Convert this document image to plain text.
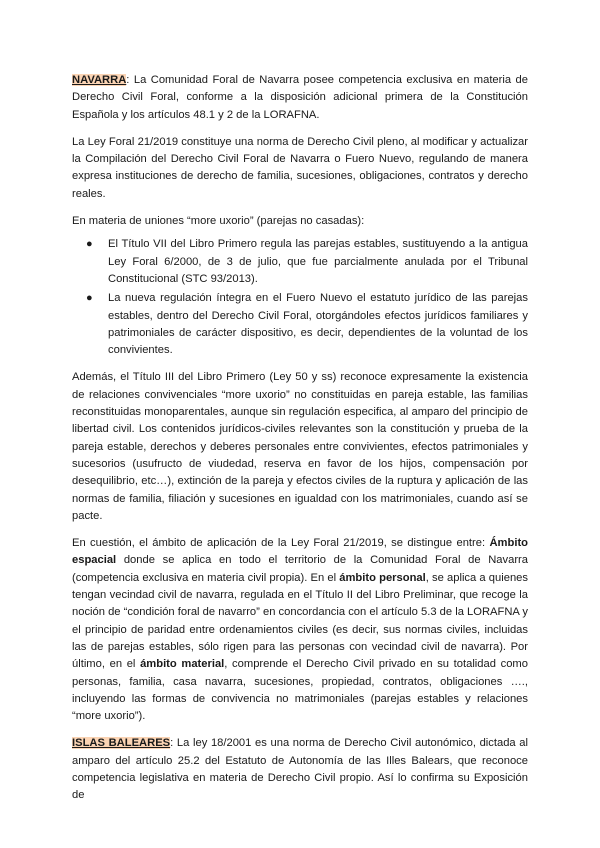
NAVARRA: La Comunidad Foral de Navarra posee competencia exclusiva en materia de Derecho Civil Foral, conforme a la disposición adicional primera de la Constitución Española y los artículos 48.1 y 2 de la LORAFNA.

La Ley Foral 21/2019 constituye una norma de Derecho Civil pleno, al modificar y actualizar la Compilación del Derecho Civil Foral de Navarra o Fuero Nuevo, regulando de manera expresa instituciones de derecho de familia, sucesiones, obligaciones, contratos y derecho reales.

En materia de uniones “more uxorio” (parejas no casadas):

● El Título VII del Libro Primero regula las parejas estables, sustituyendo a la antigua Ley Foral 6/2000, de 3 de julio, que fue parcialmente anulada por el Tribunal Constitucional (STC 93/2013).
● La nueva regulación íntegra en el Fuero Nuevo el estatuto jurídico de las parejas estables, dentro del Derecho Civil Foral, otorgándoles efectos jurídicos familiares y patrimoniales de carácter dispositivo, es decir, dependientes de la voluntad de los convivientes.

Además, el Título III del Libro Primero (Ley 50 y ss) reconoce expresamente la existencia de relaciones convivenciales “more uxorio” no constituidas en pareja estable, las familias reconstituidas monoparentales, aunque sin regulación especifica, al amparo del principio de libertad civil. Los contenidos jurídicos-civiles relevantes son la constitución y prueba de la pareja estable, derechos y deberes personales entre convivientes, efectos patrimoniales y sucesorios (usufructo de viudedad, reserva en favor de los hijos, compensación por desequilibrio, etc…), extinción de la pareja y efectos civiles de la ruptura y aplicación de las normas de familia, filiación y sucesiones en igualdad con los matrimoniales, cuando así se pacte.

En cuestión, el ámbito de aplicación de la Ley Foral 21/2019, se distingue entre: Ámbito espacial donde se aplica en todo el territorio de la Comunidad Foral de Navarra (competencia exclusiva en materia civil propia). En el ámbito personal, se aplica a quienes tengan vecindad civil de navarra, regulada en el Título II del Libro Preliminar, que recoge la noción de “condición foral de navarro” en concordancia con el artículo 5.3 de la LORAFNA y el principio de paridad entre ordenamientos civiles (es decir, sus normas civiles, incluidas las de parejas estables, sólo rigen para las personas con vecindad civil de navarra). Por último, en el ámbito material, comprende el Derecho Civil privado en su totalidad como personas, familia, casa navarra, sucesiones, propiedad, contratos, obligaciones …., incluyendo las formas de convivencia no matrimoniales (parejas estables y relaciones “more uxorio”).

ISLAS BALEARES: La ley 18/2001 es una norma de Derecho Civil autonómico, dictada al amparo del artículo 25.2 del Estatuto de Autonomía de las Illes Balears, que reconoce competencia legislativa en materia de Derecho Civil propio. Así lo confirma su Exposición de
